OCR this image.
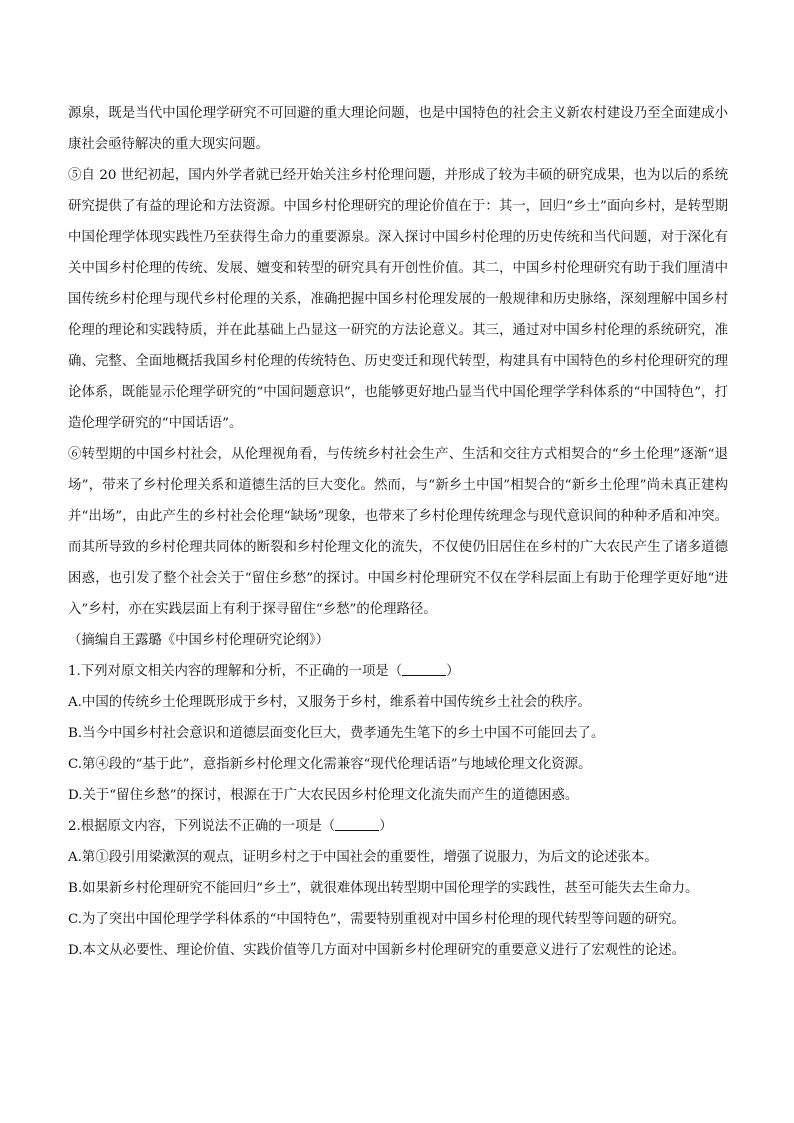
源泉，既是当代中国伦理学研究不可回避的重大理论问题，也是中国特色的社会主义新农村建设乃至全面建成小康社会亟待解决的重大现实问题。

⑤自 20 世纪初起，国内外学者就已经开始关注乡村伦理问题，并形成了较为丰硕的研究成果，也为以后的系统研究提供了有益的理论和方法资源。中国乡村伦理研究的理论价值在于：其一，回归“乡土”面向乡村，是转型期中国伦理学体现实践性乃至获得生命力的重要源泉。深入探讨中国乡村伦理的历史传统和当代问题，对于深化有关中国乡村伦理的传统、发展、嬗变和转型的研究具有开创性价值。其二，中国乡村伦理研究有助于我们厘清中国传统乡村伦理与现代乡村伦理的关系，准确把握中国乡村伦理发展的一般规律和历史脉络，深刻理解中国乡村伦理的理论和实践特质，并在此基础上凸显这一研究的方法论意义。其三，通过对中国乡村伦理的系统研究，准确、完整、全面地概括我国乡村伦理的传统特色、历史变迁和现代转型，构建具有中国特色的乡村伦理研究的理论体系，既能显示伦理学研究的“中国问题意识”，也能够更好地凸显当代中国伦理学学科体系的“中国特色”，打造伦理学研究的“中国话语”。

⑥转型期的中国乡村社会，从伦理视角看，与传统乡村社会生产、生活和交往方式相契合的“乡土伦理”逐渐“退场”，带来了乡村伦理关系和道德生活的巨大变化。然而，与“新乡土中国”相契合的“新乡土伦理”尚未真正建构并“出场”，由此产生的乡村社会伦理“缺场”现象，也带来了乡村伦理传统理念与现代意识间的种种矛盾和冲突。而其所导致的乡村伦理共同体的断裂和乡村伦理文化的流失，不仅使仍旧居住在乡村的广大农民产生了诸多道德困惑，也引发了整个社会关于“留住乡愁”的探讨。中国乡村伦理研究不仅在学科层面上有助于伦理学更好地“进入”乡村，亦在实践层面上有利于探寻留住“乡愁”的伦理路径。

（摘编自王露璐《中国乡村伦理研究论纲》）

1.下列对原文相关内容的理解和分析，不正确的一项是（	）

A.中国的传统乡土伦理既形成于乡村，又服务于乡村，维系着中国传统乡土社会的秩序。

B.当今中国乡村社会意识和道德层面变化巨大，费孝通先生笔下的乡土中国不可能回去了。

C.第④段的“基于此”，意指新乡村伦理文化需兼容“现代伦理话语”与地域伦理文化资源。

D.关于“留住乡愁”的探讨，根源在于广大农民因乡村伦理文化流失而产生的道德困惑。

2.根据原文内容，下列说法不正确的一项是（	）

A.第①段引用梁漱溟的观点，证明乡村之于中国社会的重要性，增强了说服力，为后文的论述张本。

B.如果新乡村伦理研究不能回归“乡土”，就很难体现出转型期中国伦理学的实践性，甚至可能失去生命力。

C.为了突出中国伦理学学科体系的“中国特色”，需要特别重视对中国乡村伦理的现代转型等问题的研究。

D.本文从必要性、理论价值、实践价值等几方面对中国新乡村伦理研究的重要意义进行了宏观性的论述。
